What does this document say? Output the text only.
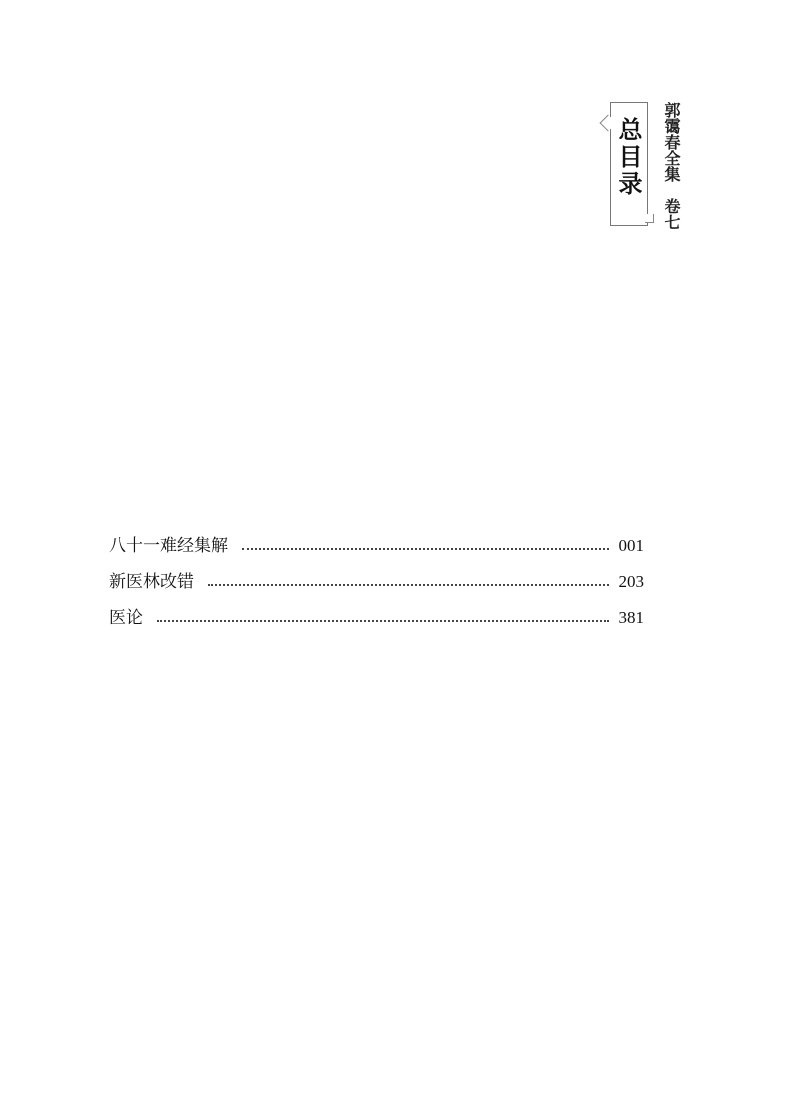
总目录 郭霭春全集卷七
八十一难经集解	001
新医林改错	203
医论	381
